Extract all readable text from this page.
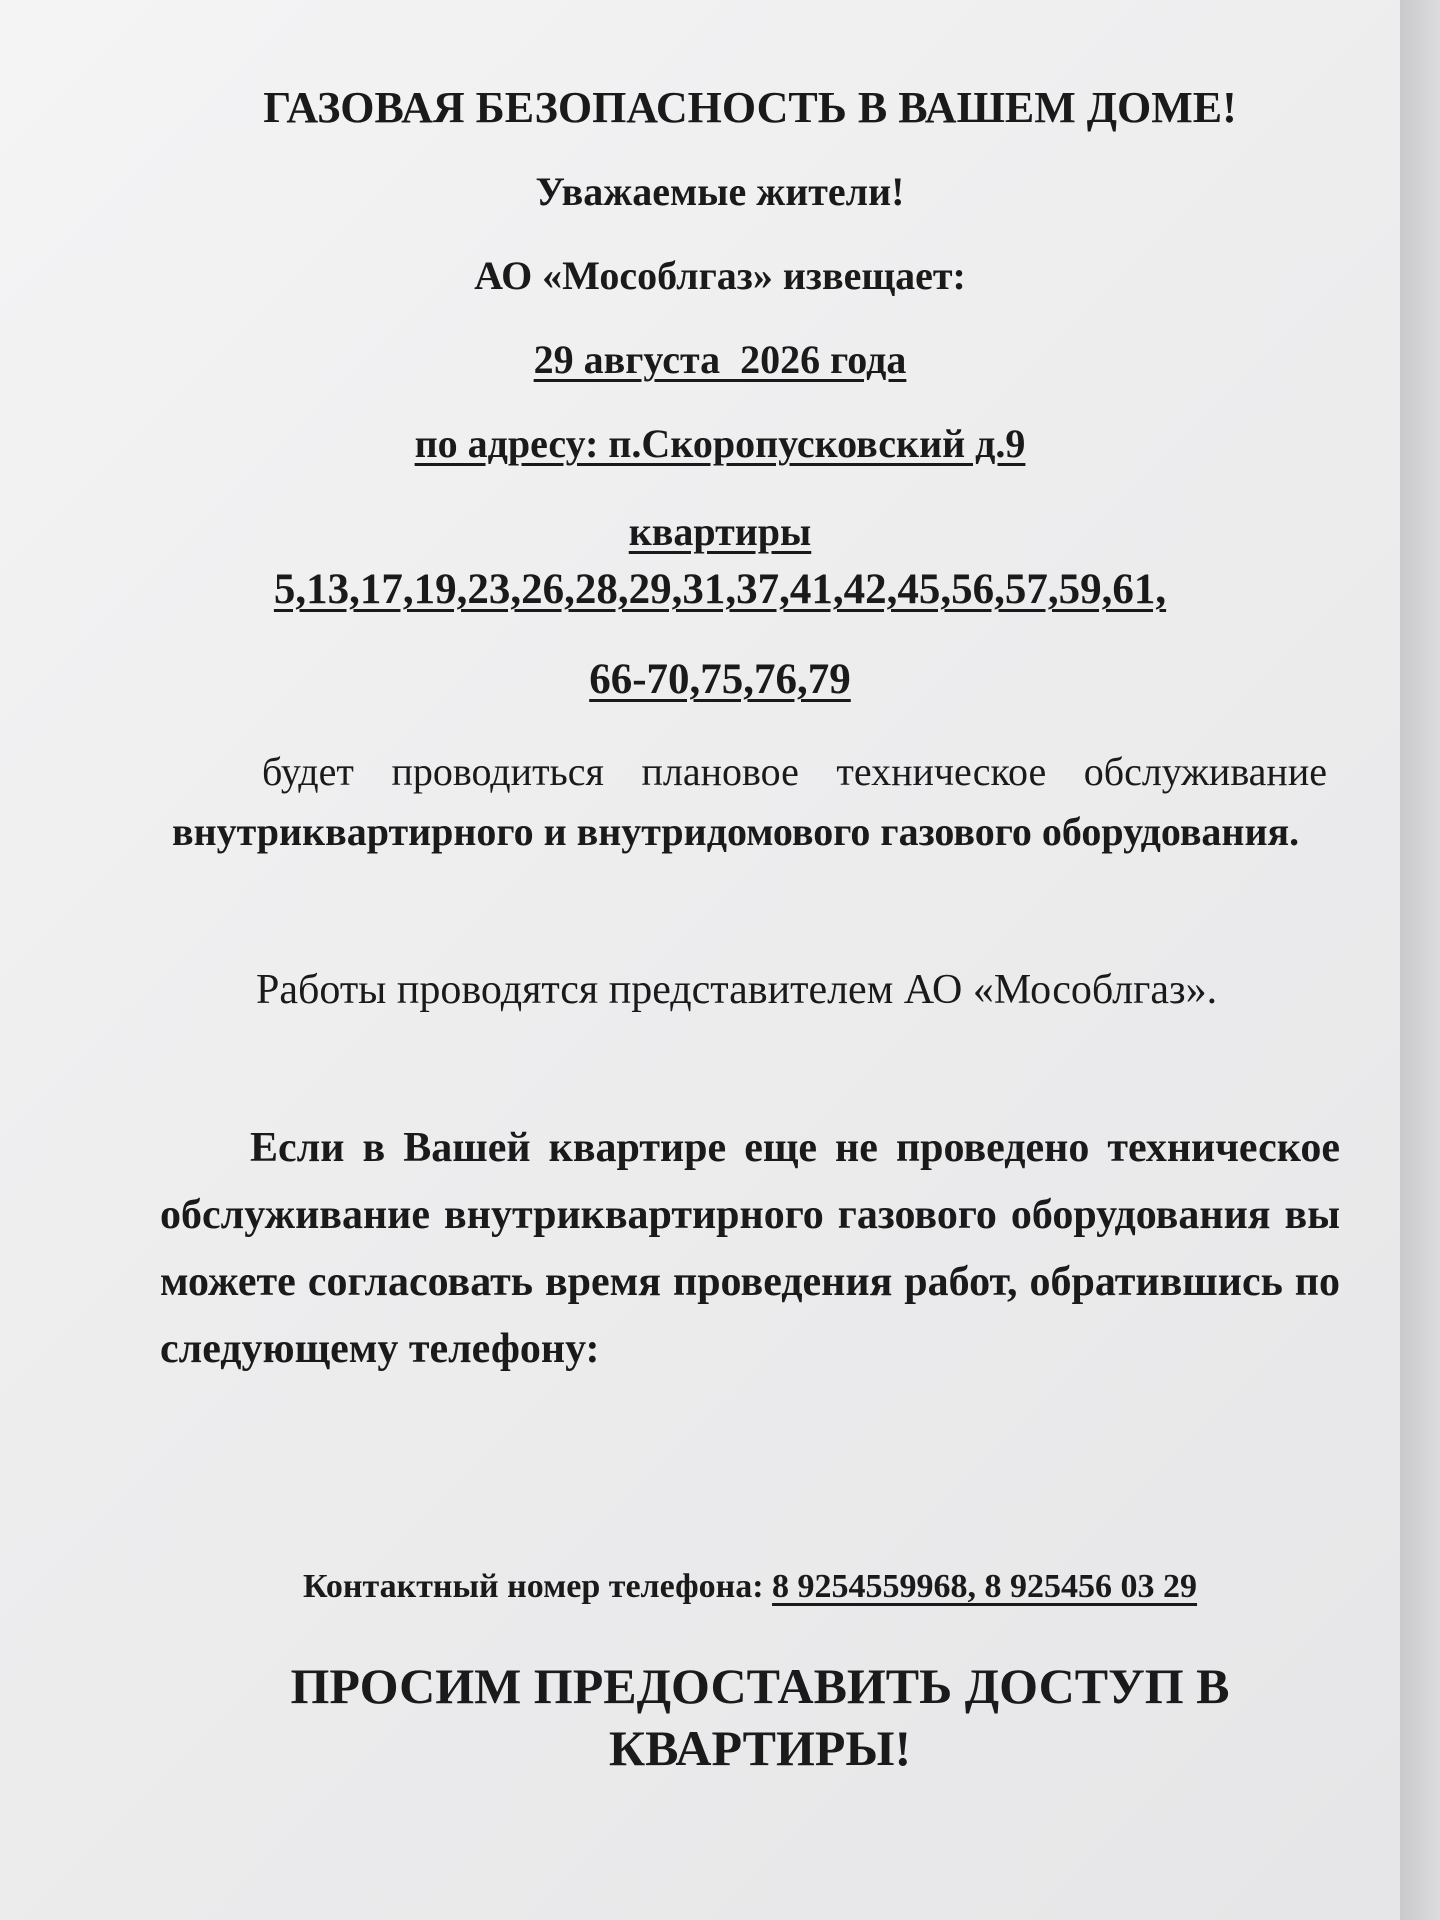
ГАЗОВАЯ БЕЗОПАСНОСТЬ В ВАШЕМ ДОМЕ!
Уважаемые жители!
АО «Мособлгаз» извещает:
29 августа  2026 года
по адресу: п.Скоропусковский д.9
квартиры
5,13,17,19,23,26,28,29,31,37,41,42,45,56,57,59,61,
66-70,75,76,79
будет проводиться плановое техническое обслуживание внутриквартирного и внутридомового газового оборудования.
Работы проводятся представителем АО «Мособлгаз».
Если в Вашей квартире еще не проведено техническое обслуживание внутриквартирного газового оборудования вы можете согласовать время проведения работ, обратившись по следующему телефону:
Контактный номер телефона: 8 9254559968, 8 925456 03 29
ПРОСИМ ПРЕДОСТАВИТЬ ДОСТУП В КВАРТИРЫ!
